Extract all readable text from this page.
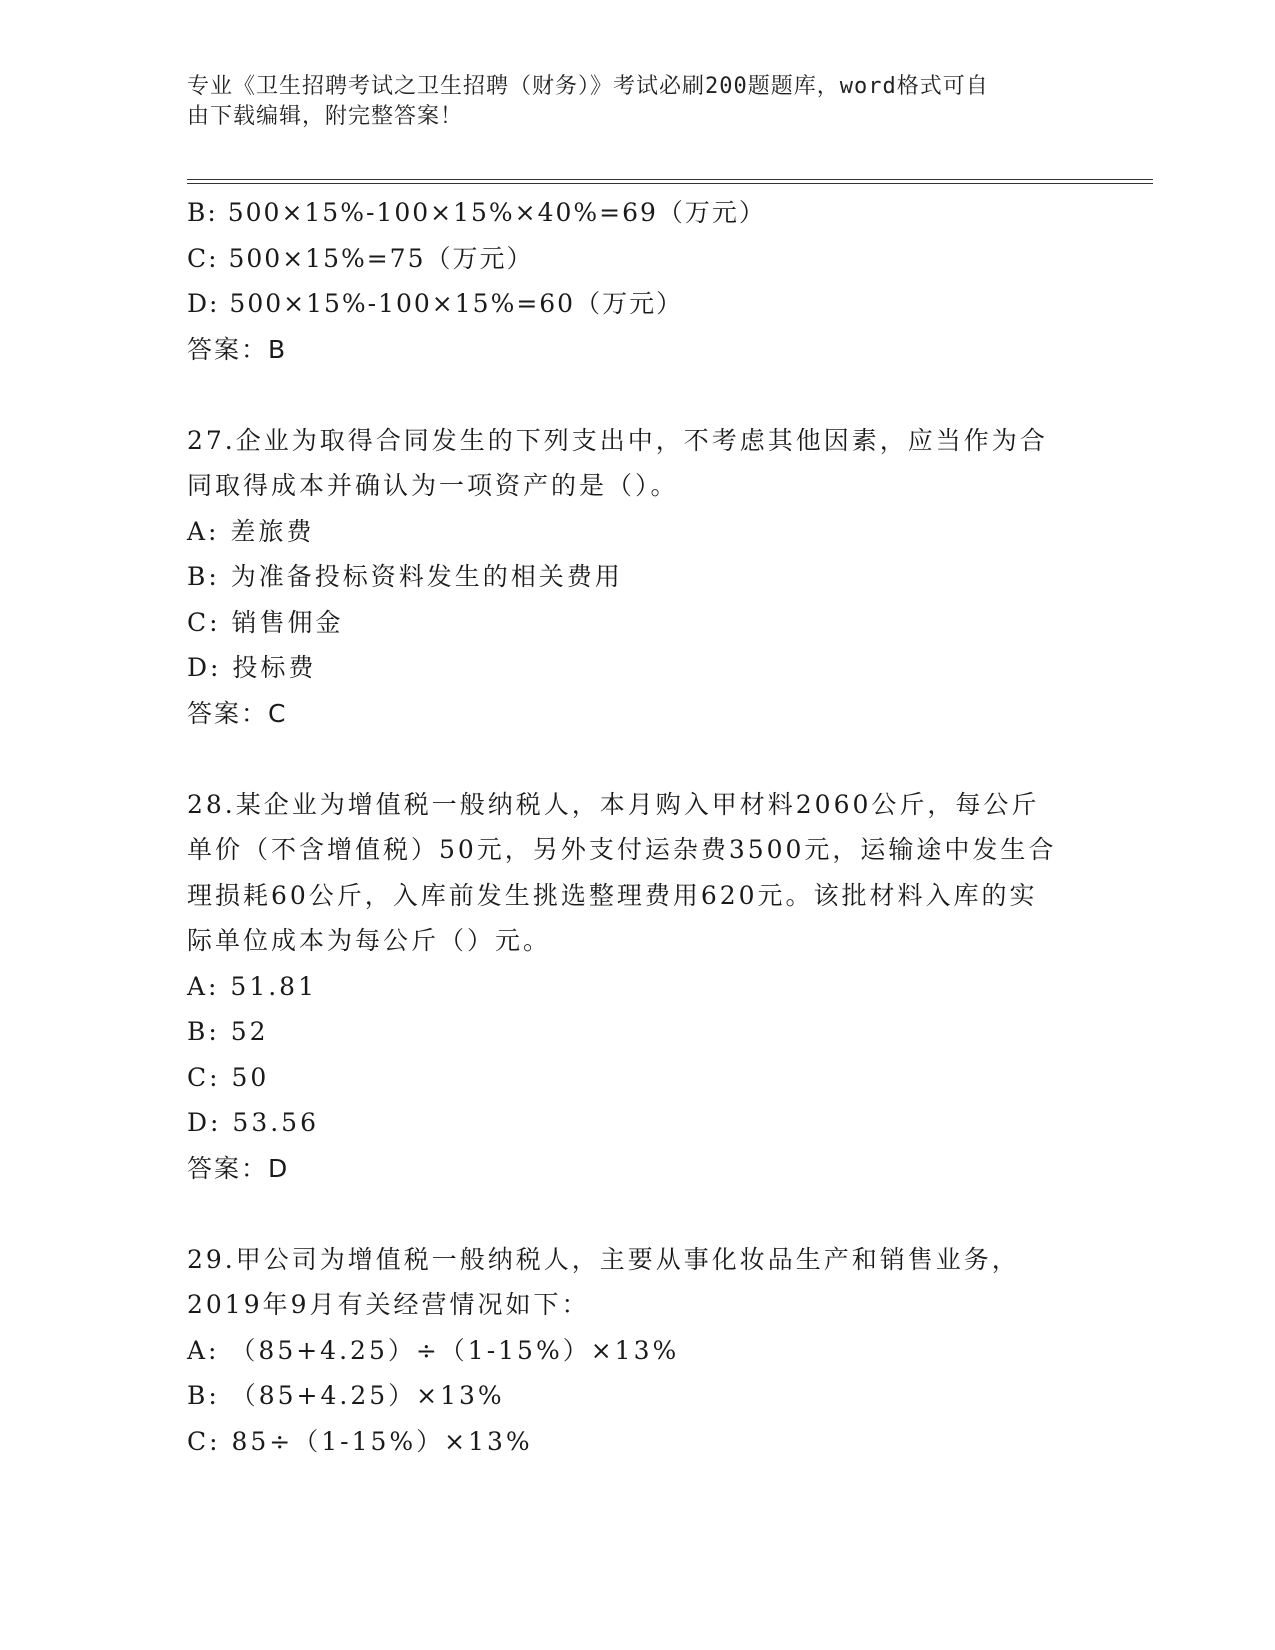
专业《卫生招聘考试之卫生招聘（财务）》考试必刷200题题库，word格式可自
由下载编辑，附完整答案！
B: 500×15%-100×15%×40%=69（万元）
C: 500×15%=75（万元）
D: 500×15%-100×15%=60（万元）
答案：B
27.企业为取得合同发生的下列支出中，不考虑其他因素，应当作为合
同取得成本并确认为一项资产的是（）。
A: 差旅费
B: 为准备投标资料发生的相关费用
C: 销售佣金
D: 投标费
答案：C
28.某企业为增值税一般纳税人，本月购入甲材料2060公斤，每公斤
单价（不含增值税）50元，另外支付运杂费3500元，运输途中发生合
理损耗60公斤，入库前发生挑选整理费用620元。该批材料入库的实
际单位成本为每公斤（）元。
A: 51.81
B: 52
C: 50
D: 53.56
答案：D
29.甲公司为增值税一般纳税人，主要从事化妆品生产和销售业务，
2019年9月有关经营情况如下：
A: （85+4.25）÷（1-15%）×13%
B: （85+4.25）×13%
C: 85÷（1-15%）×13%
